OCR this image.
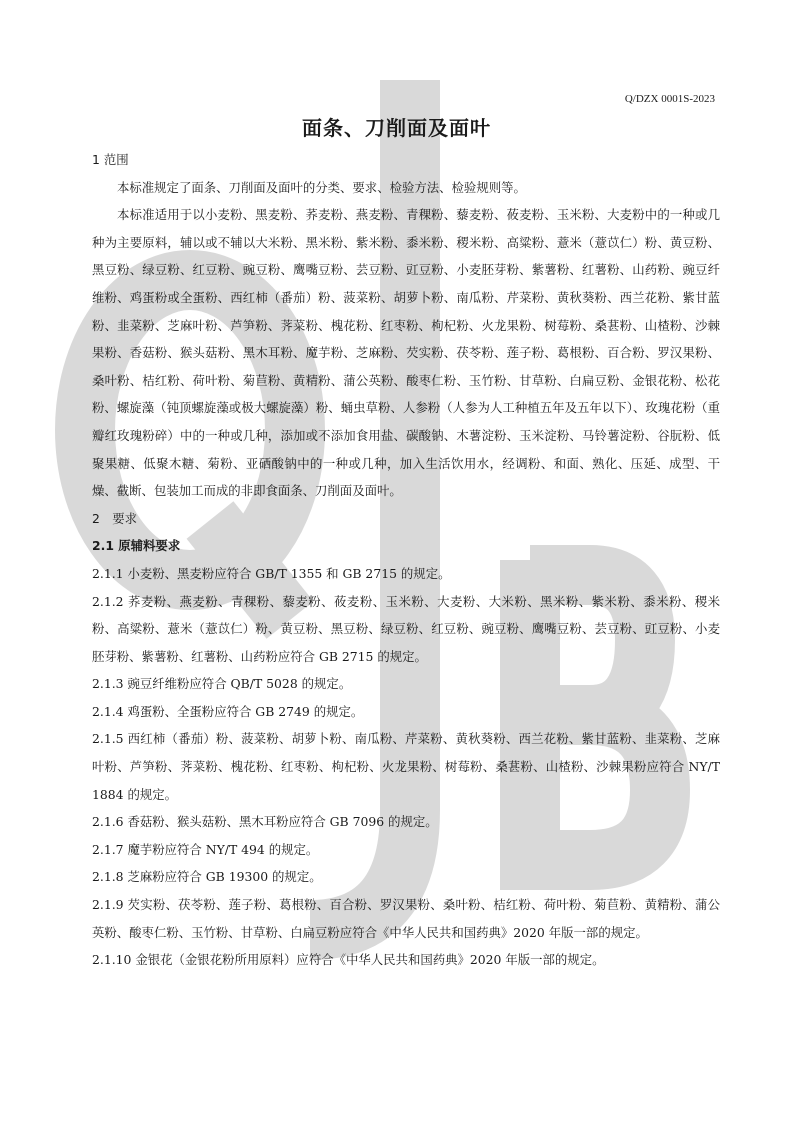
Q/DZX 0001S-2023
面条、刀削面及面叶

1 范围

本标准规定了面条、刀削面及面叶的分类、要求、检验方法、检验规则等。

本标准适用于以小麦粉、黑麦粉、荞麦粉、燕麦粉、青稞粉、藜麦粉、莜麦粉、玉米粉、大麦粉中的一种或几种为主要原料，辅以或不辅以大米粉、黑米粉、紫米粉、黍米粉、稷米粉、高粱粉、薏米（薏苡仁）粉、黄豆粉、黑豆粉、绿豆粉、红豆粉、豌豆粉、鹰嘴豆粉、芸豆粉、豇豆粉、小麦胚芽粉、紫薯粉、红薯粉、山药粉、豌豆纤维粉、鸡蛋粉或全蛋粉、西红柿（番茄）粉、菠菜粉、胡萝卜粉、南瓜粉、芹菜粉、黄秋葵粉、西兰花粉、紫甘蓝粉、韭菜粉、芝麻叶粉、芦笋粉、荠菜粉、槐花粉、红枣粉、枸杞粉、火龙果粉、树莓粉、桑葚粉、山楂粉、沙棘果粉、香菇粉、猴头菇粉、黑木耳粉、魔芋粉、芝麻粉、芡实粉、茯苓粉、莲子粉、葛根粉、百合粉、罗汉果粉、桑叶粉、桔红粉、荷叶粉、菊苣粉、黄精粉、蒲公英粉、酸枣仁粉、玉竹粉、甘草粉、白扁豆粉、金银花粉、松花粉、螺旋藻（钝顶螺旋藻或极大螺旋藻）粉、蛹虫草粉、人参粉（人参为人工种植五年及五年以下）、玫瑰花粉（重瓣红玫瑰粉碎）中的一种或几种，添加或不添加食用盐、碳酸钠、木薯淀粉、玉米淀粉、马铃薯淀粉、谷朊粉、低聚果糖、低聚木糖、菊粉、亚硒酸钠中的一种或几种，加入生活饮用水，经调粉、和面、熟化、压延、成型、干燥、截断、包装加工而成的非即食面条、刀削面及面叶。

2　要求

2.1 原辅料要求

2.1.1 小麦粉、黑麦粉应符合 GB/T 1355 和 GB 2715 的规定。

2.1.2 荞麦粉、燕麦粉、青稞粉、藜麦粉、莜麦粉、玉米粉、大麦粉、大米粉、黑米粉、紫米粉、黍米粉、稷米粉、高粱粉、薏米（薏苡仁）粉、黄豆粉、黑豆粉、绿豆粉、红豆粉、豌豆粉、鹰嘴豆粉、芸豆粉、豇豆粉、小麦胚芽粉、紫薯粉、红薯粉、山药粉应符合 GB 2715 的规定。

2.1.3 豌豆纤维粉应符合 QB/T 5028 的规定。

2.1.4 鸡蛋粉、全蛋粉应符合 GB 2749 的规定。

2.1.5 西红柿（番茄）粉、菠菜粉、胡萝卜粉、南瓜粉、芹菜粉、黄秋葵粉、西兰花粉、紫甘蓝粉、韭菜粉、芝麻叶粉、芦笋粉、荠菜粉、槐花粉、红枣粉、枸杞粉、火龙果粉、树莓粉、桑葚粉、山楂粉、沙棘果粉应符合 NY/T 1884 的规定。

2.1.6 香菇粉、猴头菇粉、黑木耳粉应符合 GB 7096 的规定。

2.1.7 魔芋粉应符合 NY/T 494 的规定。

2.1.8 芝麻粉应符合 GB 19300 的规定。

2.1.9 芡实粉、茯苓粉、莲子粉、葛根粉、百合粉、罗汉果粉、桑叶粉、桔红粉、荷叶粉、菊苣粉、黄精粉、蒲公英粉、酸枣仁粉、玉竹粉、甘草粉、白扁豆粉应符合《中华人民共和国药典》2020 年版一部的规定。

2.1.10 金银花（金银花粉所用原料）应符合《中华人民共和国药典》2020 年版一部的规定。
